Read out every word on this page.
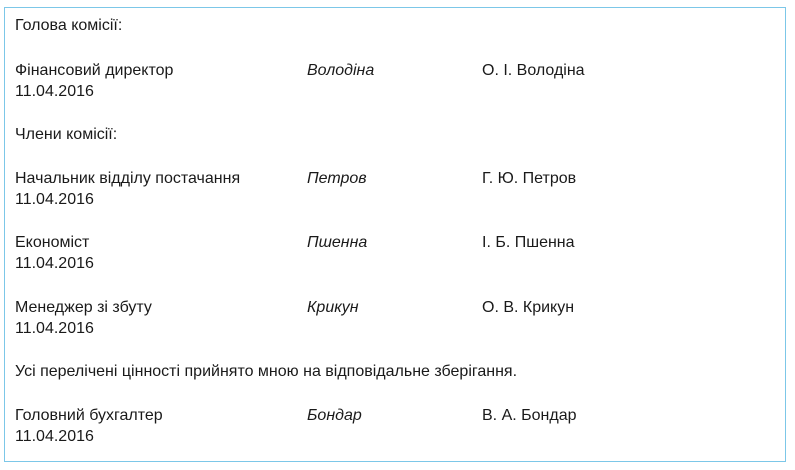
Голова комісії:
Фінансовий директор	Володіна	О. І. Володіна
11.04.2016
Члени комісії:
Начальник відділу постачання	Петров	Г. Ю. Петров
11.04.2016
Економіст	Пшенна	І. Б. Пшенна
11.04.2016
Менеджер зі збуту	Крикун	О. В. Крикун
11.04.2016
Усі перелічені цінності прийнято мною на відповідальне зберігання.
Головний бухгалтер	Бондар	В. А. Бондар
11.04.2016
